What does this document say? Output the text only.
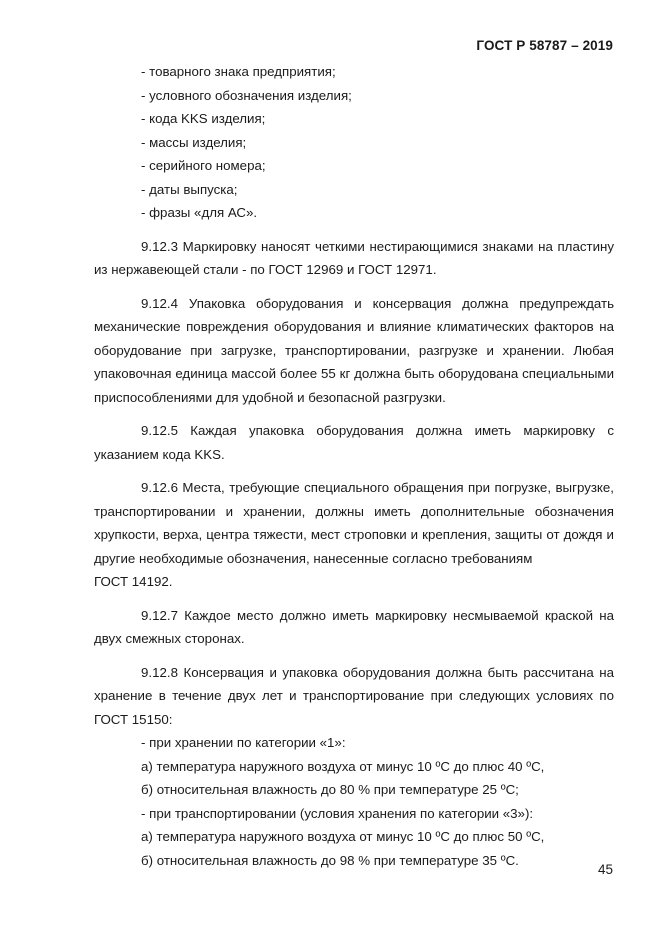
ГОСТ Р 58787 – 2019
- товарного знака предприятия;
- условного обозначения изделия;
- кода KKS изделия;
- массы изделия;
- серийного номера;
- даты выпуска;
- фразы «для АС».
9.12.3 Маркировку наносят четкими нестирающимися знаками на пластину из нержавеющей стали - по ГОСТ 12969 и ГОСТ 12971.
9.12.4 Упаковка оборудования и консервация должна предупреждать механические повреждения оборудования и влияние климатических факторов на оборудование при загрузке, транспортировании, разгрузке и хранении. Любая упаковочная единица массой более 55 кг должна быть оборудована специальными приспособлениями для удобной и безопасной разгрузки.
9.12.5 Каждая упаковка оборудования должна иметь маркировку с указанием кода KKS.
9.12.6 Места, требующие специального обращения при погрузке, выгрузке, транспортировании и хранении, должны иметь дополнительные обозначения хрупкости, верха, центра тяжести, мест строповки и крепления, защиты от дождя и другие необходимые обозначения, нанесенные согласно требованиям
ГОСТ 14192.
9.12.7 Каждое место должно иметь маркировку несмываемой краской на двух смежных сторонах.
9.12.8 Консервация и упаковка оборудования должна быть рассчитана на хранение в течение двух лет и транспортирование при следующих условиях по ГОСТ 15150:
- при хранении по категории «1»:
а) температура наружного воздуха от минус 10 ºС до плюс 40 ºС,
б) относительная влажность до 80 % при температуре 25 ºС;
- при транспортировании (условия хранения по категории «3»):
а) температура наружного воздуха от минус 10 ºС до плюс 50 ºС,
б) относительная влажность до 98 % при температуре 35 ºС.
45
